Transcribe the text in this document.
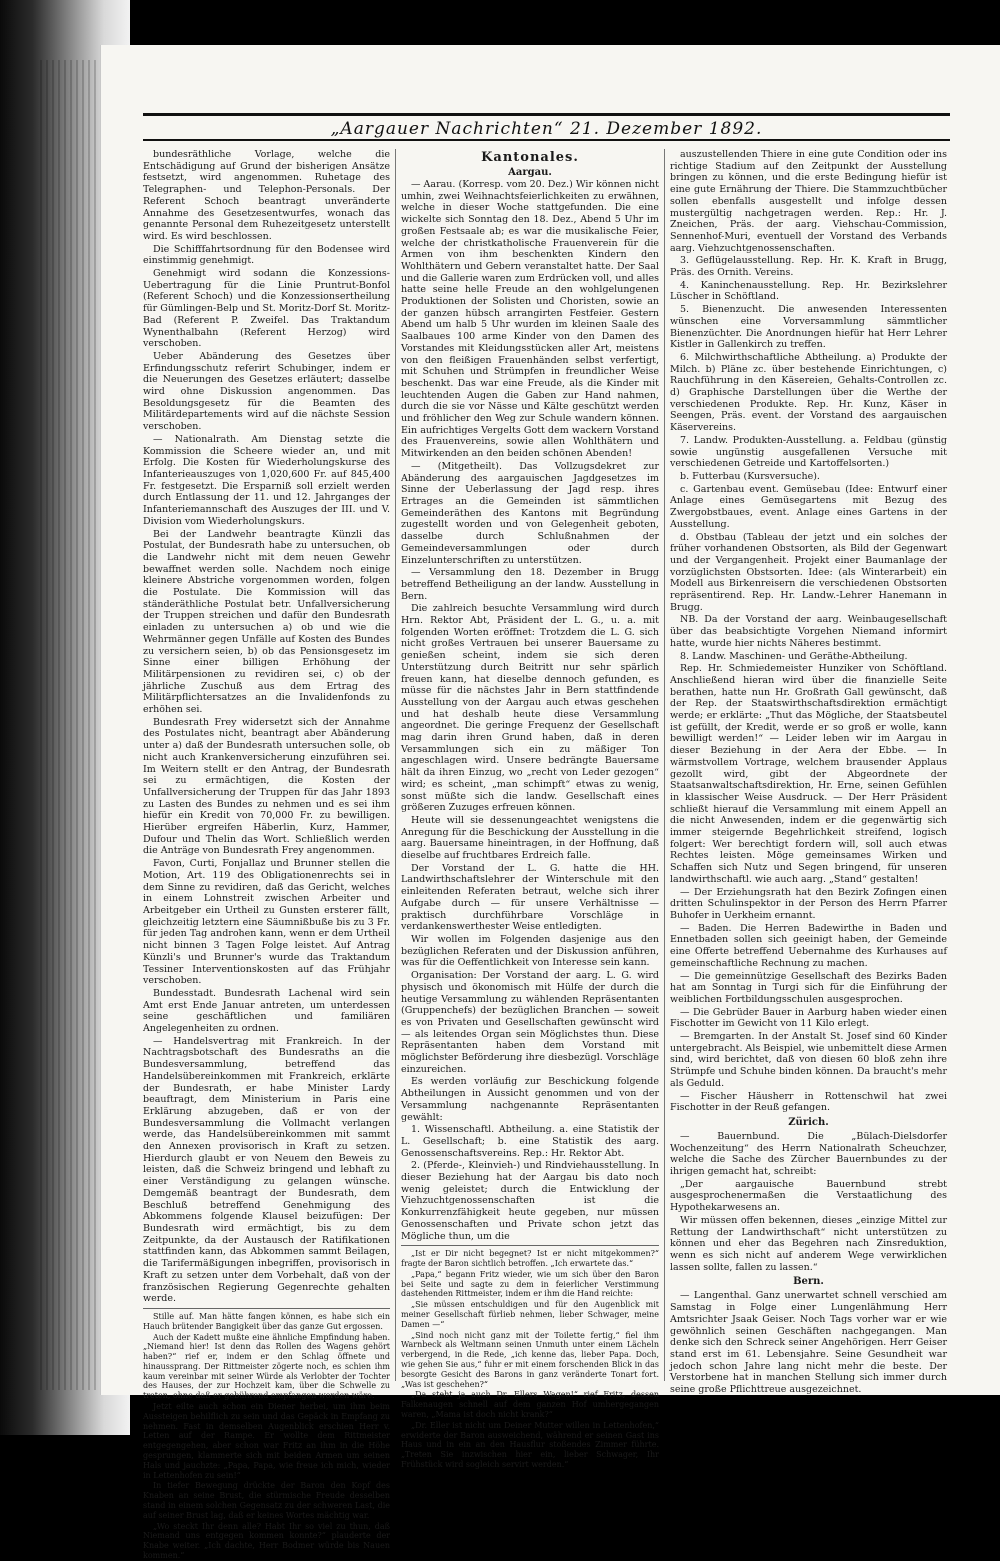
„Aargauer Nachrichten“ 21. Dezember 1892.

bundesräthliche Vorlage, welche die Entschädigung auf Grund der bisherigen Ansätze festsetzt, wird angenommen. Ruhetage des Telegraphen- und Telephon-Personals. Der Referent Schoch beantragt unveränderte Annahme des Gesetzesentwurfes, wonach das genannte Personal dem Ruhezeitgesetz unterstellt wird. Es wird beschlossen.

Die Schifffahrtsordnung für den Bodensee wird einstimmig genehmigt.

Genehmigt wird sodann die Konzessions-Uebertragung für die Linie Pruntrut-Bonfol (Referent Schoch) und die Konzessionsertheilung für Gümlingen-Belp und St. Moritz-Dorf St. Moritz-Bad (Referent P. Zweifel. Das Traktandum Wynenthalbahn (Referent Herzog) wird verschoben.

Ueber Abänderung des Gesetzes über Erfindungsschutz referirt Schubinger, indem er die Neuerungen des Gesetzes erläutert; dasselbe wird ohne Diskussion angenommen. Das Besoldungsgesetz für die Beamten des Militärdepartements wird auf die nächste Session verschoben.

— Nationalrath. Am Dienstag setzte die Kommission die Scheere wieder an, und mit Erfolg. Die Kosten für Wiederholungskurse des Infanterieauszuges von 1,020,600 Fr. auf 845,400 Fr. festgesetzt. Die Ersparniß soll erzielt werden durch Entlassung der 11. und 12. Jahrganges der Infanteriemannschaft des Auszuges der III. und V. Division vom Wiederholungskurs.

Bei der Landwehr beantragte Künzli das Postulat, der Bundesrath habe zu untersuchen, ob die Landwehr nicht mit dem neuen Gewehr bewaffnet werden solle. Nachdem noch einige kleinere Abstriche vorgenommen worden, folgen die Postulate. Die Kommission will das ständeräthliche Postulat betr. Unfallversicherung der Truppen streichen und dafür den Bundesrath einladen zu untersuchen a) ob und wie die Wehrmänner gegen Unfälle auf Kosten des Bundes zu versichern seien, b) ob das Pensionsgesetz im Sinne einer billigen Erhöhung der Militärpensionen zu revidiren sei, c) ob der jährliche Zuschuß aus dem Ertrag des Militärpflichtersatzes an die Invalidenfonds zu erhöhen sei.

Bundesrath Frey widersetzt sich der Annahme des Postulates nicht, beantragt aber Abänderung unter a) daß der Bundesrath untersuchen solle, ob nicht auch Krankenversicherung einzuführen sei. Im Weitern stellt er den Antrag, der Bundesrath sei zu ermächtigen, die Kosten der Unfallversicherung der Truppen für das Jahr 1893 zu Lasten des Bundes zu nehmen und es sei ihm hiefür ein Kredit von 70,000 Fr. zu bewilligen. Hierüber ergreifen Häberlin, Kurz, Hammer, Dufour und Thelin das Wort. Schließlich werden die Anträge von Bundesrath Frey angenommen.

Favon, Curti, Fonjallaz und Brunner stellen die Motion, Art. 119 des Obligationenrechts sei in dem Sinne zu revidiren, daß das Gericht, welches in einem Lohnstreit zwischen Arbeiter und Arbeitgeber ein Urtheil zu Gunsten ersterer fällt, gleichzeitig letztern eine Säumnißbuße bis zu 3 Fr. für jeden Tag androhen kann, wenn er dem Urtheil nicht binnen 3 Tagen Folge leistet. Auf Antrag Künzli's und Brunner's wurde das Traktandum Tessiner Interventionskosten auf das Frühjahr verschoben.

Bundesstadt. Bundesrath Lachenal wird sein Amt erst Ende Januar antreten, um unterdessen seine geschäftlichen und familiären Angelegenheiten zu ordnen.

— Handelsvertrag mit Frankreich. In der Nachtragsbotschaft des Bundesraths an die Bundesversammlung, betreffend das Handelsübereinkommen mit Frankreich, erklärte der Bundesrath, er habe Minister Lardy beauftragt, dem Ministerium in Paris eine Erklärung abzugeben, daß er von der Bundesversammlung die Vollmacht verlangen werde, das Handelsübereinkommen mit sammt den Annexen provisorisch in Kraft zu setzen. Hierdurch glaubt er von Neuem den Beweis zu leisten, daß die Schweiz bringend und lebhaft zu einer Verständigung zu gelangen wünsche. Demgemäß beantragt der Bundesrath, dem Beschluß betreffend Genehmigung des Abkommens folgende Klausel beizufügen: Der Bundesrath wird ermächtigt, bis zu dem Zeitpunkte, da der Austausch der Ratifikationen stattfinden kann, das Abkommen sammt Beilagen, die Tarifermäßigungen inbegriffen, provisorisch in Kraft zu setzen unter dem Vorbehalt, daß von der französischen Regierung Gegenrechte gehalten werde.

Stille auf. Man hätte fangen können, es habe sich ein Hauch brütender Bangigkeit über das ganze Gut ergossen.

Auch der Kadett mußte eine ähnliche Empfindung haben. „Niemand hier! Ist denn das Rollen des Wagens gehört haben?“ rief er, indem er den Schlag öffnete und hinaussprang. Der Rittmeister zögerte noch, es schien ihm kaum vereinbar mit seiner Würde als Verlobter der Tochter des Hauses, der zur Hochzeit kam, über die Schwelle zu treten, ohne daß er gebührend empfangen worden wäre.

Jetzt eilte auch schon ein Diener herbei, um ihm beim Aussteigen behilflich zu sein und das Gepäck in Empfang zu nehmen. Fast in demselben Augenblick erschien Herr v. Letten auf der Rampe. Er wollte dem Rittmeister entgegengehen, aber schon war Fritz an ihm in die Höhe gesprungen, klammerte sich mit beiden Armen um seinen Hals und jauchzte: „Papa, Papa, wie freue ich mich, wieder in Lettenhofen zu sein!“

In tiefer Bewegung drückte der Baron den Kopf des Knaben an seine Brust, die stürmische Freude desselben stand in einem solchen Gegensatz zu der schweren Last, die auf seiner Brust lag, daß er keines Wortes mächtig war.

„Wo steckt Ihr denn alle? Habt Ihr so viel zu thun, daß Niemand uns entgegen kommen konnte?“ plauderte der Knabe weiter. „Ich dachte, Herr Bodmer würde bis Nauen kommen.“

Kantonales.
Aargau.

— Aarau. (Korresp. vom 20. Dez.) Wir können nicht umhin, zwei Weihnachtsfeierlichkeiten zu erwähnen, welche in dieser Woche stattgefunden. Die eine wickelte sich Sonntag den 18. Dez., Abend 5 Uhr im großen Festsaale ab; es war die musikalische Feier, welche der christkatholische Frauenverein für die Armen von ihm beschenkten Kindern den Wohlthätern und Gebern veranstaltet hatte. Der Saal und die Gallerie waren zum Erdrücken voll, und alles hatte seine helle Freude an den wohlgelungenen Produktionen der Solisten und Choristen, sowie an der ganzen hübsch arrangirten Festfeier. Gestern Abend um halb 5 Uhr wurden im kleinen Saale des Saalbaues 100 arme Kinder von den Damen des Vorstandes mit Kleidungsstücken aller Art, meistens von den fleißigen Frauenhänden selbst verfertigt, mit Schuhen und Strümpfen in freundlicher Weise beschenkt. Das war eine Freude, als die Kinder mit leuchtenden Augen die Gaben zur Hand nahmen, durch die sie vor Nässe und Kälte geschützt werden und fröhlicher den Weg zur Schule wandern können. Ein aufrichtiges Vergelts Gott dem wackern Vorstand des Frauenvereins, sowie allen Wohlthätern und Mitwirkenden an den beiden schönen Abenden!

— (Mitgetheilt). Das Vollzugsdekret zur Abänderung des aargauischen Jagdgesetzes im Sinne der Ueberlassung der Jagd resp. ihres Ertrages an die Gemeinden ist sämmtlichen Gemeinderäthen des Kantons mit Begründung zugestellt worden und von Gelegenheit geboten, dasselbe durch Schlußnahmen der Gemeindeversammlungen oder durch Einzelunterschriften zu unterstützen.

— Versammlung den 18. Dezember in Brugg betreffend Betheiligung an der landw. Ausstellung in Bern.

Die zahlreich besuchte Versammlung wird durch Hrn. Rektor Abt, Präsident der L. G., u. a. mit folgenden Worten eröffnet: Trotzdem die L. G. sich nicht großes Vertrauen bei unserer Bauersame zu genießen scheint, indem sie sich deren Unterstützung durch Beitritt nur sehr spärlich freuen kann, hat dieselbe dennoch gefunden, es müsse für die nächstes Jahr in Bern stattfindende Ausstellung von der Aargau auch etwas geschehen und hat deshalb heute diese Versammlung angeordnet. Die geringe Frequenz der Gesellschaft mag darin ihren Grund haben, daß in deren Versammlungen sich ein zu mäßiger Ton angeschlagen wird. Unsere bedrängte Bauersame hält da ihren Einzug, wo „recht von Leder gezogen“ wird; es scheint, „man schimpft“ etwas zu wenig, sonst müßte sich die landw. Gesellschaft eines größeren Zuzuges erfreuen können.

Heute will sie dessenungeachtet wenigstens die Anregung für die Beschickung der Ausstellung in die aarg. Bauersame hineintragen, in der Hoffnung, daß dieselbe auf fruchtbares Erdreich falle.

Der Vorstand der L. G. hatte die HH. Landwirthschaftslehrer der Winterschule mit den einleitenden Referaten betraut, welche sich ihrer Aufgabe durch — für unsere Verhältnisse — praktisch durchführbare Vorschläge in verdankenswerthester Weise entledigten.

Wir wollen im Folgenden dasjenige aus den bezüglichen Referaten und der Diskussion anführen, was für die Oeffentlichkeit von Interesse sein kann.

Organisation: Der Vorstand der aarg. L. G. wird physisch und ökonomisch mit Hülfe der durch die heutige Versammlung zu wählenden Repräsentanten (Gruppenchefs) der bezüglichen Branchen — soweit es von Privaten und Gesellschaften gewünscht wird — als leitendes Organ sein Möglichstes thun. Diese Repräsentanten haben dem Vorstand mit möglichster Beförderung ihre diesbezügl. Vorschläge einzureichen.

Es werden vorläufig zur Beschickung folgende Abtheilungen in Aussicht genommen und von der Versammlung nachgenannte Repräsentanten gewählt:

1. Wissenschaftl. Abtheilung. a. eine Statistik der L. Gesellschaft; b. eine Statistik des aarg. Genossenschaftsvereins. Rep.: Hr. Rektor Abt.

2. (Pferde-, Kleinvieh-) und Rindviehausstellung. In dieser Beziehung hat der Aargau bis dato noch wenig geleistet; durch die Entwicklung der Viehzuchtgenossenschaften ist die Konkurrenzfähigkeit heute gegeben, nur müssen Genossenschaften und Private schon jetzt das Mögliche thun, um die

„Ist er Dir nicht begegnet? Ist er nicht mitgekommen?“ fragte der Baron sichtlich betroffen. „Ich erwartete das.“

„Papa,“ begann Fritz wieder, wie um sich über den Baron bei Seite und sagte zu dem in feierlicher Verstimmung dastehenden Rittmeister, indem er ihm die Hand reichte:

„Sie müssen entschuldigen und für den Augenblick mit meiner Gesellschaft fürlieb nehmen, lieber Schwager, meine Damen —“

„Sind noch nicht ganz mit der Toilette fertig,“ fiel ihm Warnbeck als Weltmann seinen Unmuth unter einem Lächeln verbergend, in die Rede, „ich kenne das, lieber Papa. Doch, wie gehen Sie aus,“ fuhr er mit einem forschenden Blick in das besorgte Gesicht des Barons in ganz veränderte Tonart fort. „Was ist geschehen?“

„Da steht ja auch Dr. Ellers Wagen!“ rief Fritz, dessen Falkenaugen schnell auf dem ganzen Hof umhergegangen waren, „Mama ist doch nicht krank?“

„Dr. Eller ist nicht um Deiner Mutter willen in Lettenhofen,“ erwiderte der Baron ausweichend, während er seinen Gast ins Haus und in ein an den Hausflur stoßendes Zimmer führte. „Treten Sie inzwischen hier ein, lieber Schwager, Ihr Frühstück wird sogleich servirt werden.“

auszustellenden Thiere in eine gute Condition oder ins richtige Stadium auf den Zeitpunkt der Ausstellung bringen zu können, und die erste Bedingung hiefür ist eine gute Ernährung der Thiere. Die Stammzuchtbücher sollen ebenfalls ausgestellt und infolge dessen mustergültig nachgetragen werden. Rep.: Hr. J. Zneichen, Präs. der aarg. Viehschau-Commission, Sennenhof-Muri, eventuell der Vorstand des Verbands aarg. Viehzuchtgenossenschaften.

3. Geflügelausstellung. Rep. Hr. K. Kraft in Brugg, Präs. des Ornith. Vereins.

4. Kaninchenausstellung. Rep. Hr. Bezirkslehrer Lüscher in Schöftland.

5. Bienenzucht. Die anwesenden Interessenten wünschen eine Vorversammlung sämmtlicher Bienenzüchter. Die Anordnungen hiefür hat Herr Lehrer Kistler in Gallenkirch zu treffen.

6. Milchwirthschaftliche Abtheilung. a) Produkte der Milch. b) Pläne zc. über bestehende Einrichtungen, c) Rauchführung in den Käsereien, Gehalts-Controllen zc. d) Graphische Darstellungen über die Werthe der verschiedenen Produkte. Rep. Hr. Kunz, Käser in Seengen, Präs. event. der Vorstand des aargauischen Käservereins.

7. Landw. Produkten-Ausstellung. a. Feldbau (günstig sowie ungünstig ausgefallenen Versuche mit verschiedenen Getreide und Kartoffelsorten.)

b. Futterbau (Kursversuche).

c. Gartenbau event. Gemüsebau (Idee: Entwurf einer Anlage eines Gemüsegartens mit Bezug des Zwergobstbaues, event. Anlage eines Gartens in der Ausstellung.

d. Obstbau (Tableau der jetzt und ein solches der früher vorhandenen Obstsorten, als Bild der Gegenwart und der Vergangenheit. Projekt einer Baumanlage der vorzüglichsten Obstsorten. Idee: (als Winterarbeit) ein Modell aus Birkenreisern die verschiedenen Obstsorten repräsentirend. Rep. Hr. Landw.-Lehrer Hanemann in Brugg.

NB. Da der Vorstand der aarg. Weinbaugesellschaft über das beabsichtigte Vorgehen Niemand informirt hatte, wurde hier nichts Näheres bestimmt.

8. Landw. Maschinen- und Geräthe-Abtheilung.

Rep. Hr. Schmiedemeister Hunziker von Schöftland. Anschließend hieran wird über die finanzielle Seite berathen, hatte nun Hr. Großrath Gall gewünscht, daß der Rep. der Staatswirthschaftsdirektion ermächtigt werde; er erklärte: „Thut das Mögliche, der Staatsbeutel ist gefüllt, der Kredit, werde er so groß er wolle, kann bewilligt werden!“ — Leider leben wir im Aargau in dieser Beziehung in der Aera der Ebbe. — In wärmstvollem Vortrage, welchem brausender Applaus gezollt wird, gibt der Abgeordnete der Staatsanwaltschaftsdirektion, Hr. Erne, seinen Gefühlen in klassischer Weise Ausdruck. — Der Herr Präsident schließt hierauf die Versammlung mit einem Appell an die nicht Anwesenden, indem er die gegenwärtig sich immer steigernde Begehrlichkeit streifend, logisch folgert: Wer berechtigt fordern will, soll auch etwas Rechtes leisten. Möge gemeinsames Wirken und Schaffen sich Nutz und Segen bringend, für unseren landwirthschaftl. wie auch aarg. „Stand“ gestalten!

— Der Erziehungsrath hat den Bezirk Zofingen einen dritten Schulinspektor in der Person des Herrn Pfarrer Buhofer in Uerkheim ernannt.

— Baden. Die Herren Badewirthe in Baden und Ennetbaden sollen sich geeinigt haben, der Gemeinde eine Offerte betreffend Uebernahme des Kurhauses auf gemeinschaftliche Rechnung zu machen.

— Die gemeinnützige Gesellschaft des Bezirks Baden hat am Sonntag in Turgi sich für die Einführung der weiblichen Fortbildungsschulen ausgesprochen.

— Die Gebrüder Bauer in Aarburg haben wieder einen Fischotter im Gewicht von 11 Kilo erlegt.

— Bremgarten. In der Anstalt St. Josef sind 60 Kinder untergebracht. Als Beispiel, wie unbemittelt diese Armen sind, wird berichtet, daß von diesen 60 bloß zehn ihre Strümpfe und Schuhe binden können. Da braucht's mehr als Geduld.

— Fischer Häusherr in Rottenschwil hat zwei Fischotter in der Reuß gefangen.

Zürich.

— Bauernbund. Die „Bülach-Dielsdorfer Wochenzeitung“ des Herrn Nationalrath Scheuchzer, welche die Sache des Zürcher Bauernbundes zu der ihrigen gemacht hat, schreibt:

„Der aargauische Bauernbund strebt ausgesprochenermaßen die Verstaatlichung des Hypothekarwesens an.

Wir müssen offen bekennen, dieses „einzige Mittel zur Rettung der Landwirthschaft“ nicht unterstützen zu können und eher das Begehren nach Zinsreduktion, wenn es sich nicht auf anderem Wege verwirklichen lassen sollte, fallen zu lassen.“

Bern.

— Langenthal. Ganz unerwartet schnell verschied am Samstag in Folge einer Lungenlähmung Herr Amtsrichter Jsaak Geiser. Noch Tags vorher war er wie gewöhnlich seinen Geschäften nachgegangen. Man denke sich den Schreck seiner Angehörigen. Herr Geiser stand erst im 61. Lebensjahre. Seine Gesundheit war jedoch schon Jahre lang nicht mehr die beste. Der Verstorbene hat in manchen Stellung sich immer durch seine große Pflichttreue ausgezeichnet.
